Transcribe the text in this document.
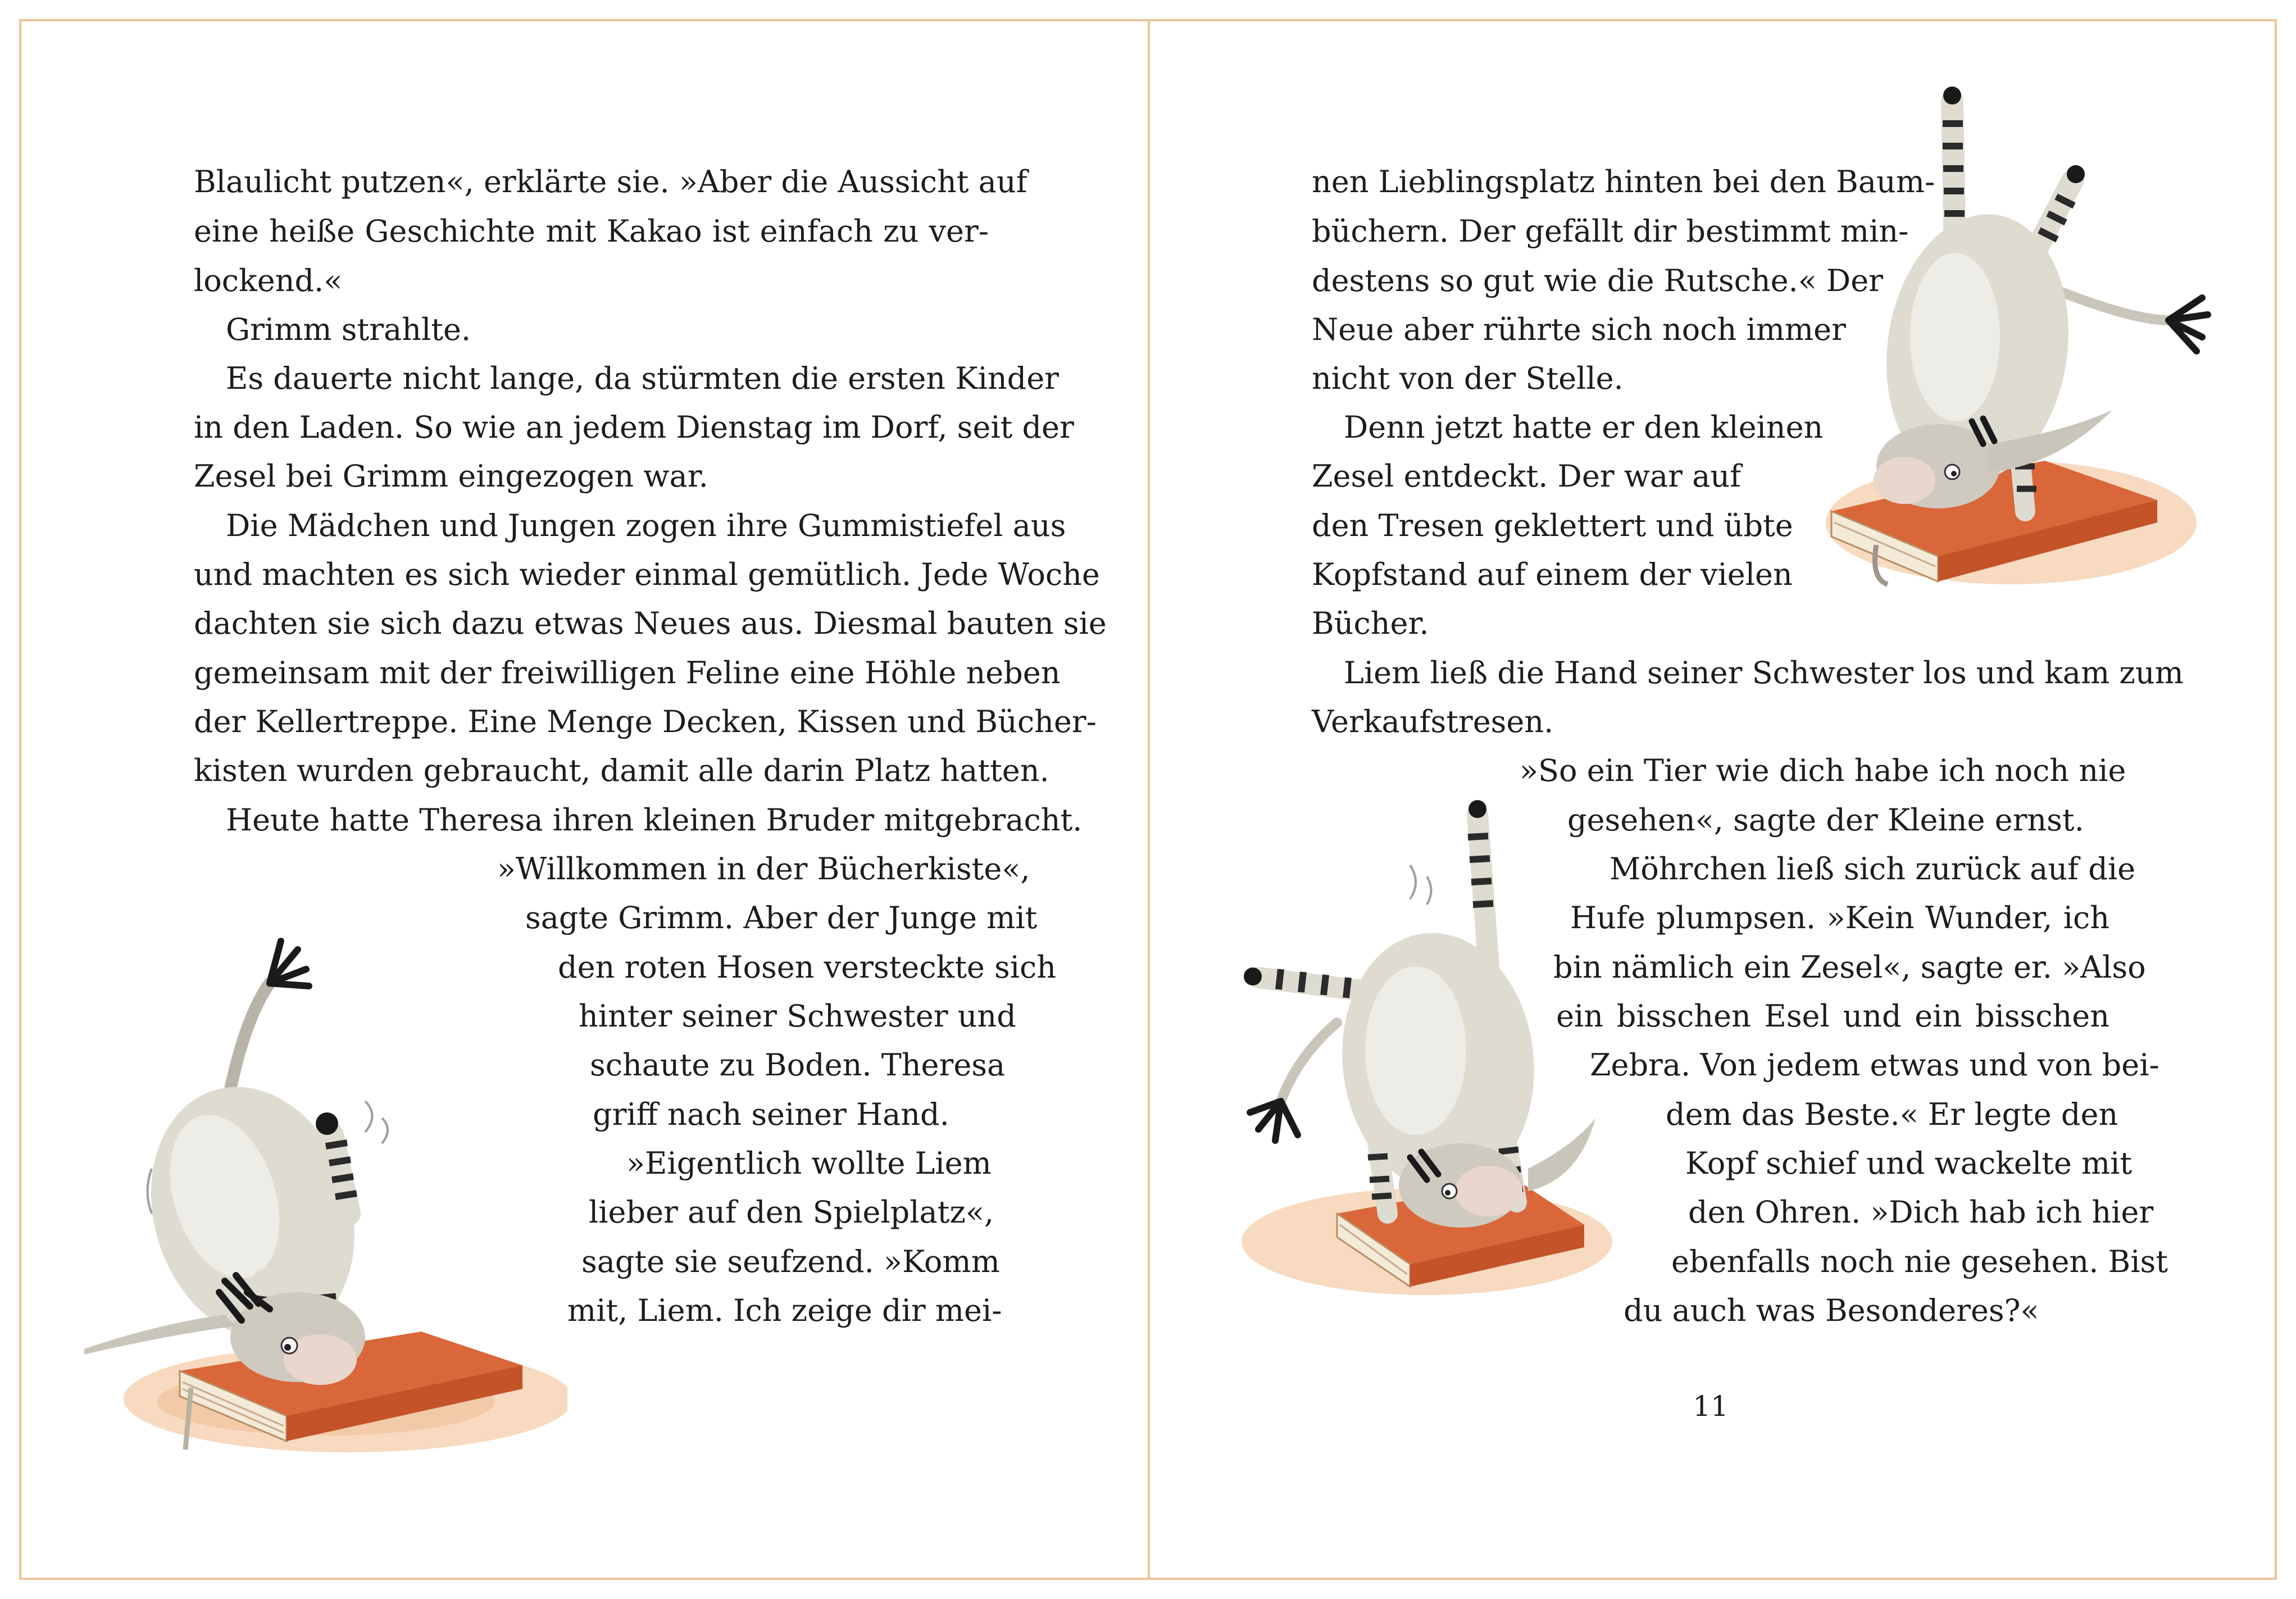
Blaulicht putzen«, erklärte sie. »Aber die Aussicht auf
eine heiße Geschichte mit Kakao ist einfach zu ver-
lockend.«
Grimm strahlte.
Es dauerte nicht lange, da stürmten die ersten Kinder
in den Laden. So wie an jedem Dienstag im Dorf, seit der
Zesel bei Grimm eingezogen war.
Die Mädchen und Jungen zogen ihre Gummistiefel aus
und machten es sich wieder einmal gemütlich. Jede Woche
dachten sie sich dazu etwas Neues aus. Diesmal bauten sie
gemeinsam mit der freiwilligen Feline eine Höhle neben
der Kellertreppe. Eine Menge Decken, Kissen und Bücher-
kisten wurden gebraucht, damit alle darin Platz hatten.
Heute hatte Theresa ihren kleinen Bruder mitgebracht.
»Willkommen in der Bücherkiste«,
sagte Grimm. Aber der Junge mit
den roten Hosen versteckte sich
hinter seiner Schwester und
schaute zu Boden. Theresa
griff nach seiner Hand.
»Eigentlich wollte Liem
lieber auf den Spielplatz«,
sagte sie seufzend. »Komm
mit, Liem. Ich zeige dir mei-
nen Lieblingsplatz hinten bei den Baum-
büchern. Der gefällt dir bestimmt min-
destens so gut wie die Rutsche.« Der
Neue aber rührte sich noch immer
nicht von der Stelle.
Denn jetzt hatte er den kleinen
Zesel entdeckt. Der war auf
den Tresen geklettert und übte
Kopfstand auf einem der vielen
Bücher.
Liem ließ die Hand seiner Schwester los und kam zum
Verkaufstresen.
»So ein Tier wie dich habe ich noch nie
gesehen«, sagte der Kleine ernst.
Möhrchen ließ sich zurück auf die
Hufe plumpsen. »Kein Wunder, ich
bin nämlich ein Zesel«, sagte er. »Also
ein bisschen Esel und ein bisschen
Zebra. Von jedem etwas und von bei-
dem das Beste.« Er legte den
Kopf schief und wackelte mit
den Ohren. »Dich hab ich hier
ebenfalls noch nie gesehen. Bist
du auch was Besonderes?«
11
